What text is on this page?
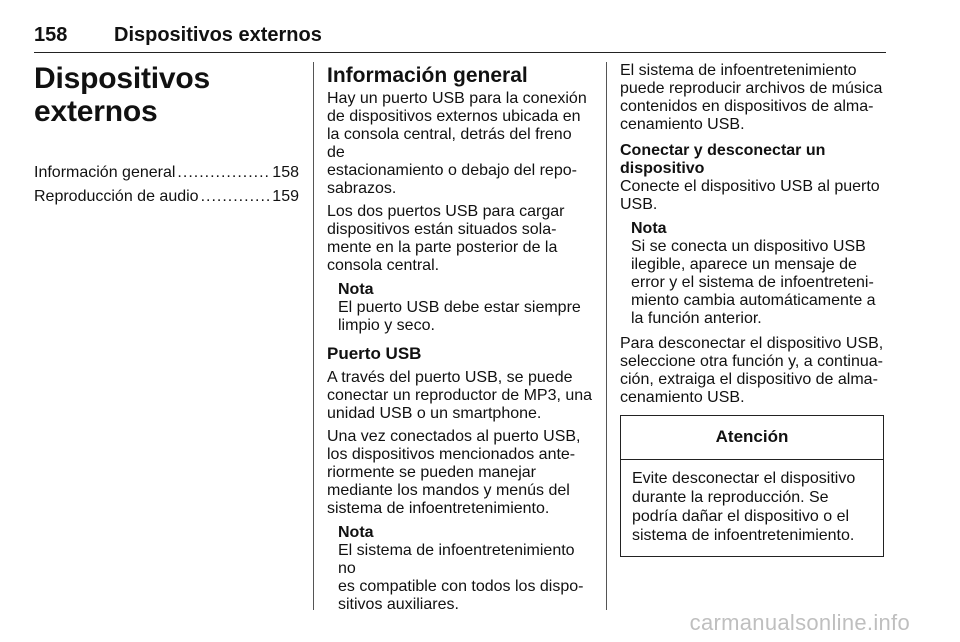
158 Dispositivos externos
Dispositivos
externos
Información general .....	158
Reproducción de audio .....	159
Información general

Hay un puerto USB para la conexión
de dispositivos externos ubicada en
la consola central, detrás del freno de
estacionamiento o debajo del repo-
sabrazos.

Los dos puertos USB para cargar
dispositivos están situados sola-
mente en la parte posterior de la
consola central.

Nota
El puerto USB debe estar siempre
limpio y seco.
Puerto USB

A través del puerto USB, se puede
conectar un reproductor de MP3, una
unidad USB o un smartphone.

Una vez conectados al puerto USB,
los dispositivos mencionados ante-
riormente se pueden manejar
mediante los mandos y menús del
sistema de infoentretenimiento.

Nota
El sistema de infoentretenimiento no
es compatible con todos los dispo-
sitivos auxiliares.

El sistema de infoentretenimiento
puede reproducir archivos de música
contenidos en dispositivos de alma-
cenamiento USB.

Conectar y desconectar un
dispositivo

Conecte el dispositivo USB al puerto
USB.

Nota
Si se conecta un dispositivo USB
ilegible, aparece un mensaje de
error y el sistema de infoentreteni-
miento cambia automáticamente a
la función anterior.

Para desconectar el dispositivo USB,
seleccione otra función y, a continua-
ción, extraiga el dispositivo de alma-
cenamiento USB.

Atención
Evite desconectar el dispositivo
durante la reproducción. Se
podría dañar el dispositivo o el
sistema de infoentretenimiento.
carmanualsonline.info
